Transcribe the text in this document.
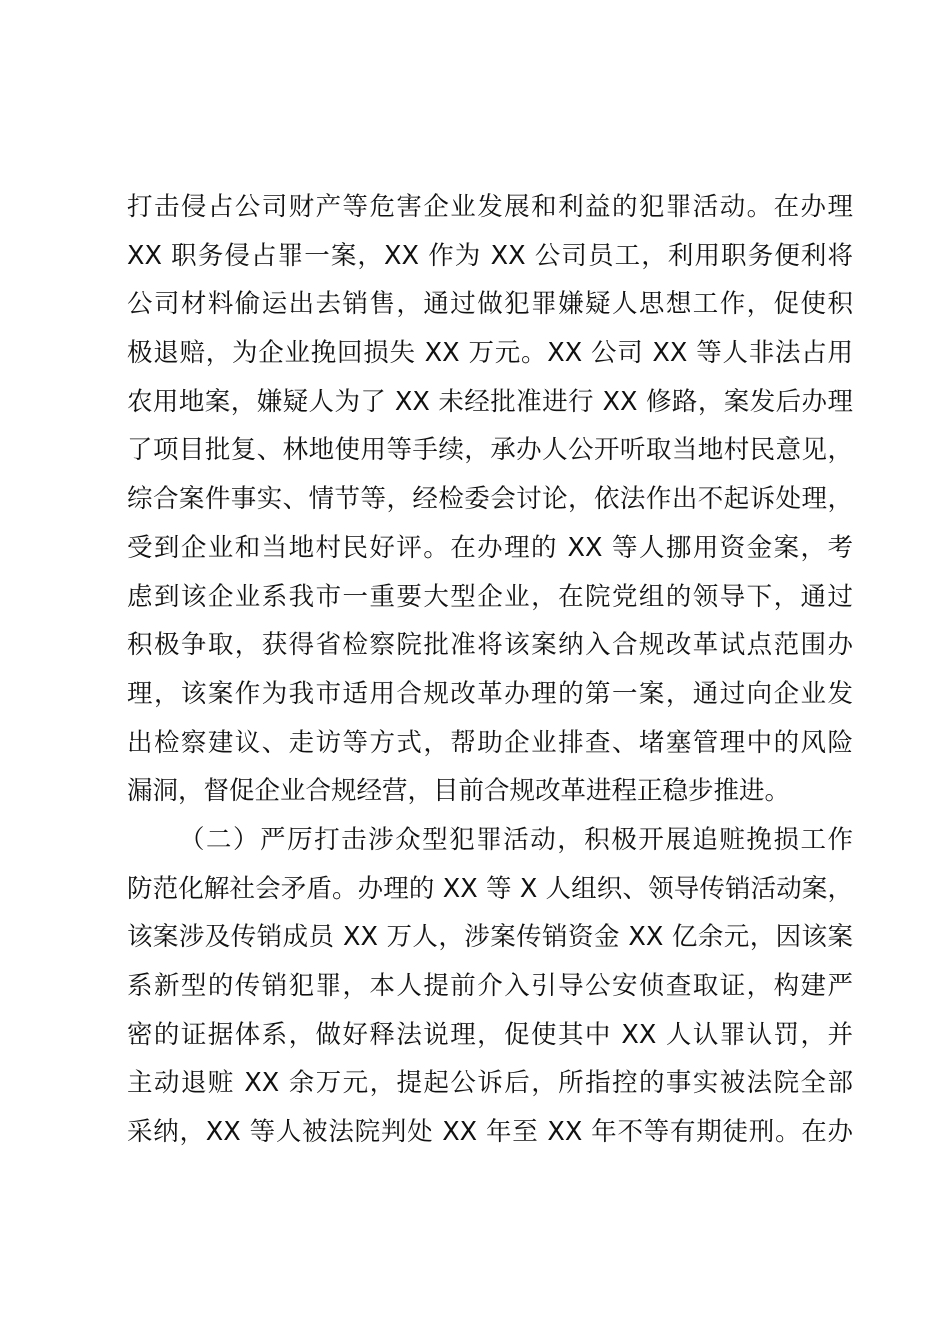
打击侵占公司财产等危害企业发展和利益的犯罪活动。在办理
XX 职务侵占罪一案，XX 作为 XX 公司员工，利用职务便利将
公司材料偷运出去销售，通过做犯罪嫌疑人思想工作，促使积
极退赔，为企业挽回损失 XX 万元。XX 公司 XX 等人非法占用
农用地案，嫌疑人为了 XX 未经批准进行 XX 修路，案发后办理
了项目批复、林地使用等手续，承办人公开听取当地村民意见，
综合案件事实、情节等，经检委会讨论，依法作出不起诉处理，
受到企业和当地村民好评。在办理的 XX 等人挪用资金案，考
虑到该企业系我市一重要大型企业，在院党组的领导下，通过
积极争取，获得省检察院批准将该案纳入合规改革试点范围办
理，该案作为我市适用合规改革办理的第一案，通过向企业发
出检察建议、走访等方式，帮助企业排查、堵塞管理中的风险
漏洞，督促企业合规经营，目前合规改革进程正稳步推进。
（二）严厉打击涉众型犯罪活动，积极开展追赃挽损工作
防范化解社会矛盾。办理的 XX 等 X 人组织、领导传销活动案，
该案涉及传销成员 XX 万人，涉案传销资金 XX 亿余元，因该案
系新型的传销犯罪，本人提前介入引导公安侦查取证，构建严
密的证据体系，做好释法说理，促使其中 XX 人认罪认罚，并
主动退赃 XX 余万元，提起公诉后，所指控的事实被法院全部
采纳，XX 等人被法院判处 XX 年至 XX 年不等有期徒刑。在办
